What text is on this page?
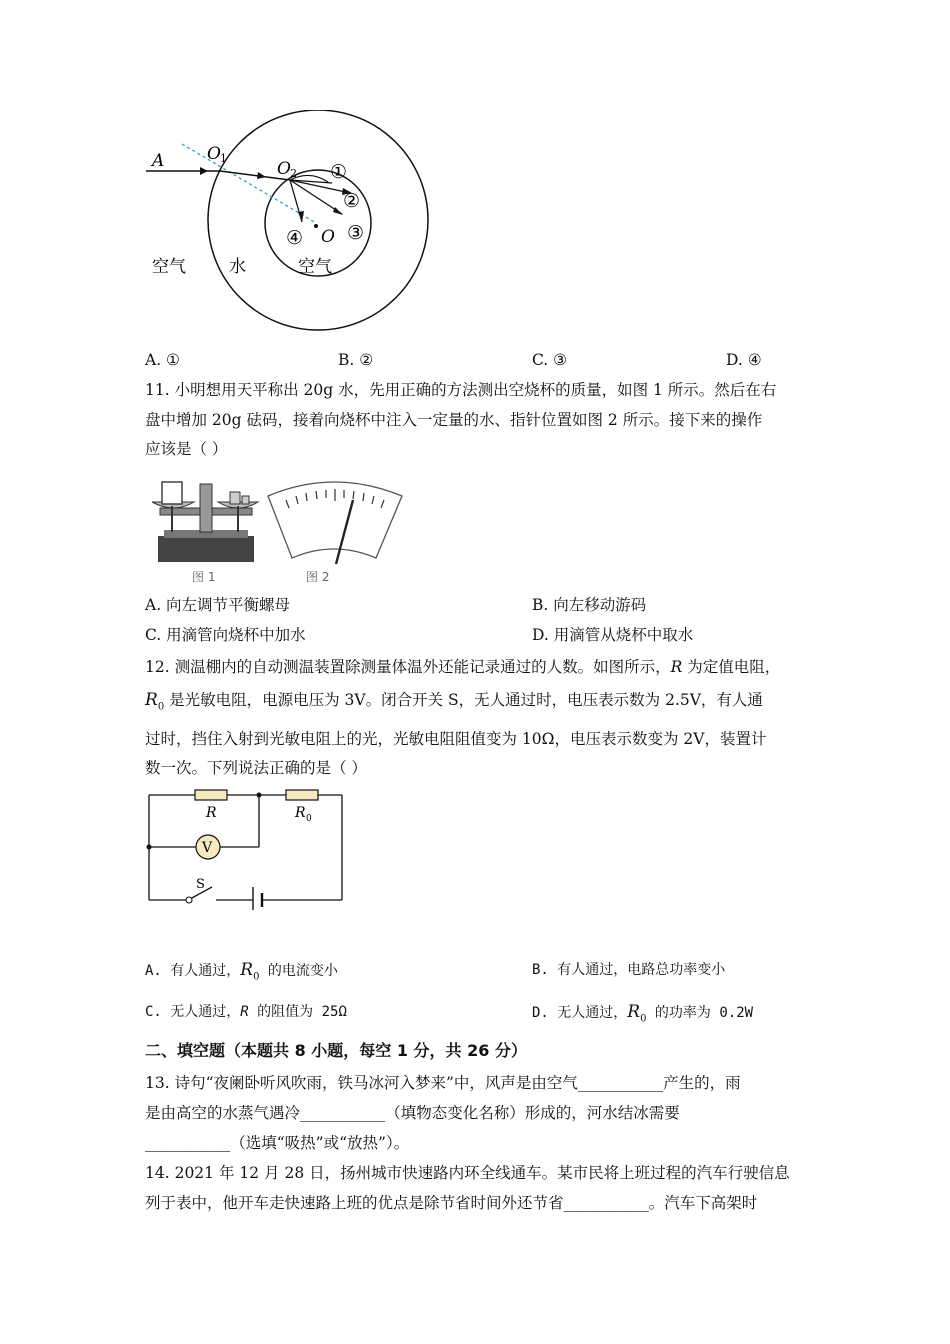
A	O 1
O 2
O
①
②
③
④
空气	水	空气
A. ①	B. ②	C. ③	D. ④
11. 小明想用天平称出 20g 水，先用正确的方法测出空烧杯的质量，如图 1 所示。然后在右
盘中增加 20g 砝码，接着向烧杯中注入一定量的水、指针位置如图 2 所示。接下来的操作
应该是（ ）
图 1	图 2
A. 向左调节平衡螺母	B. 向左移动游码
C. 用滴管向烧杯中加水	D. 用滴管从烧杯中取水
12. 测温棚内的自动测温装置除测量体温外还能记录通过的人数。如图所示，R 为定值电阻，
$R_0$ 是光敏电阻，电源电压为 3V。闭合开关 S，无人通过时，电压表示数为 2.5V，有人通
过时，挡住入射到光敏电阻上的光，光敏电阻阻值变为 10Ω，电压表示数变为 2V，装置计
数一次。下列说法正确的是（ ）
R	R 0
V
S
A. 有人通过，$R_0$ 的电流变小	B. 有人通过，电路总功率变小
C. 无人通过，R 的阻值为 25Ω	D. 无人通过，$R_0$ 的功率为 0.2W
二、填空题（本题共 8 小题，每空 1 分，共 26 分）
13. 诗句“夜阑卧听风吹雨，铁马冰河入梦来”中，风声是由空气___________产生的，雨
是由高空的水蒸气遇冷___________（填物态变化名称）形成的，河水结冰需要
___________（选填“吸热”或“放热”）。
14. 2021 年 12 月 28 日，扬州城市快速路内环全线通车。某市民将上班过程的汽车行驶信息
列于表中，他开车走快速路上班的优点是除节省时间外还节省___________。汽车下高架时
